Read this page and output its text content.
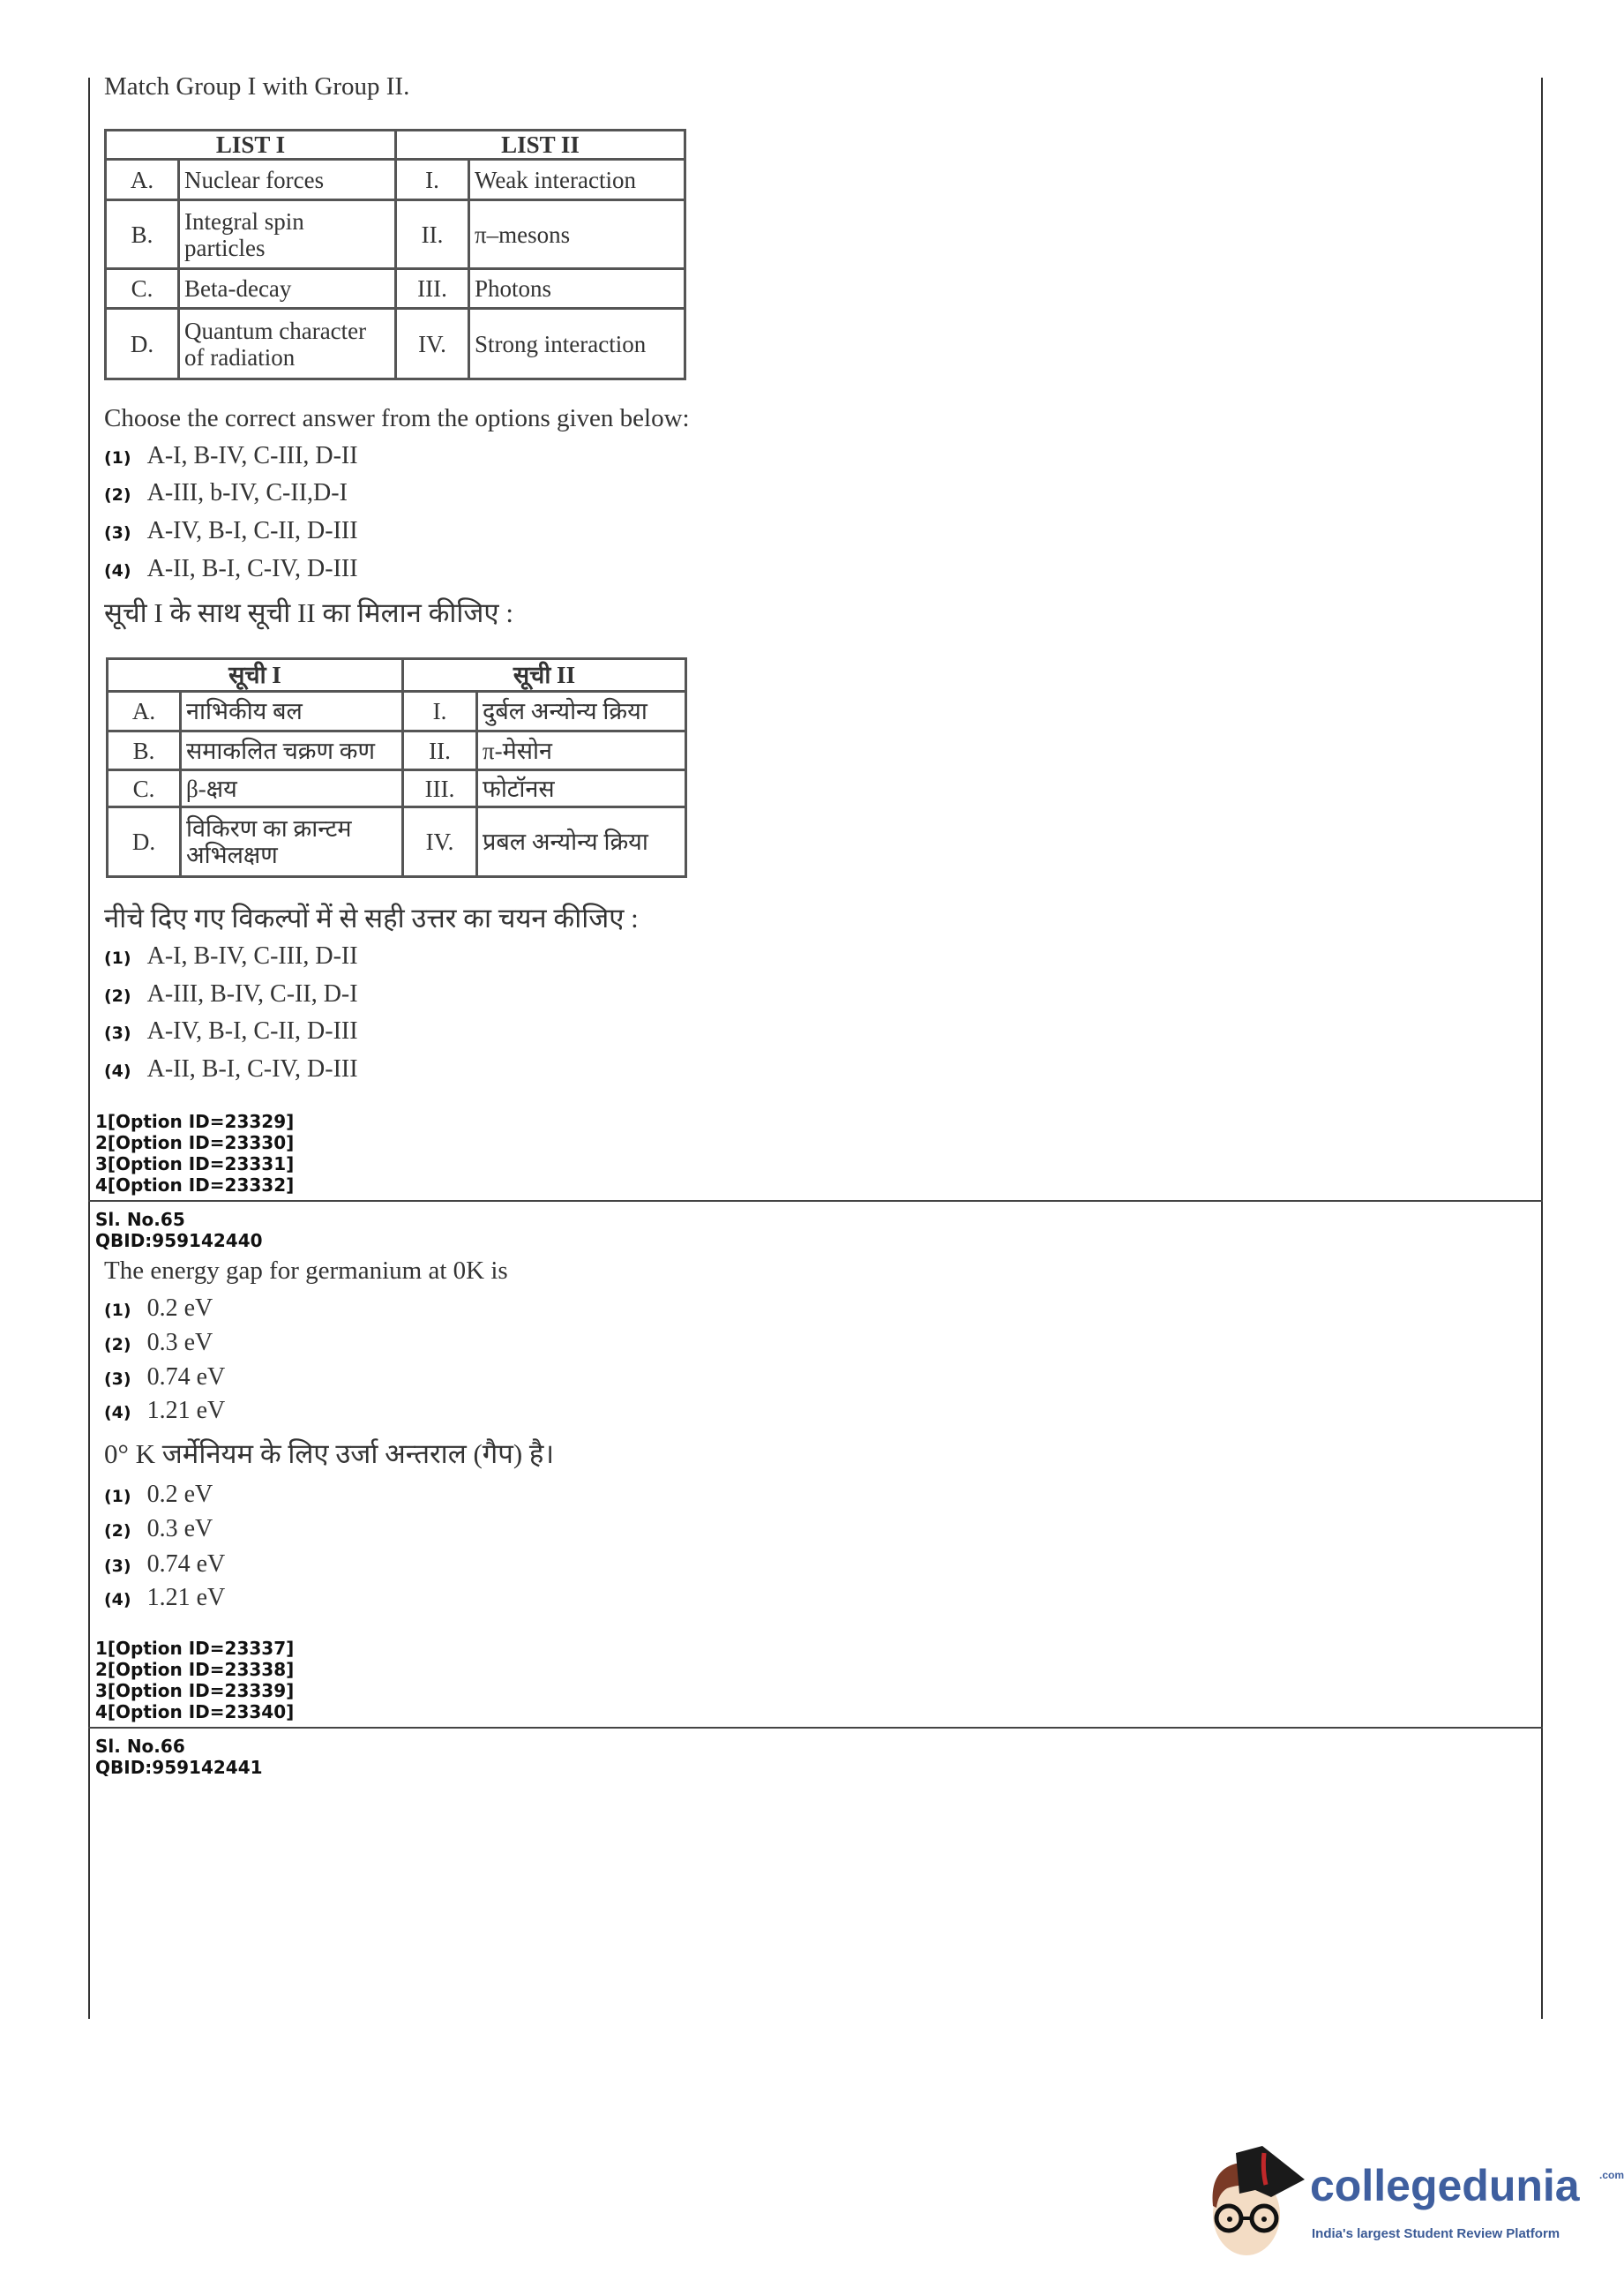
Match Group I with Group II.
LIST I		LIST II	
A.	Nuclear forces	I.	Weak interaction
B.	Integral spin particles	II.	π–mesons
C.	Beta-decay	III.	Photons
D.	Quantum character of radiation	IV.	Strong interaction
Choose the correct answer from the options given below:
(1) A-I, B-IV, C-III, D-II
(2) A-III, b-IV, C-II,D-I
(3) A-IV, B-I, C-II, D-III
(4) A-II, B-I, C-IV, D-III
सूची I के साथ सूची II का मिलान कीजिए :
सूची I		सूची II	
A.	नाभिकीय बल	I.	दुर्बल अन्योन्य क्रिया
B.	समाकलित चक्रण कण	II.	π-मेसोन
C.	β-क्षय	III.	फोटॉनस
D.	विकिरण का क्रान्टम अभिलक्षण	IV.	प्रबल अन्योन्य क्रिया
नीचे दिए गए विकल्पों में से सही उत्तर का चयन कीजिए :
(1) A-I, B-IV, C-III, D-II
(2) A-III, B-IV, C-II, D-I
(3) A-IV, B-I, C-II, D-III
(4) A-II, B-I, C-IV, D-III
1[Option ID=23329]
2[Option ID=23330]
3[Option ID=23331]
4[Option ID=23332]
Sl. No.65
QBID:959142440
The energy gap for germanium at 0K is
(1) 0.2 eV
(2) 0.3 eV
(3) 0.74 eV
(4) 1.21 eV
0° K जर्मेनियम के लिए उर्जा अन्तराल (गैप) है।
(1) 0.2 eV
(2) 0.3 eV
(3) 0.74 eV
(4) 1.21 eV
1[Option ID=23337]
2[Option ID=23338]
3[Option ID=23339]
4[Option ID=23340]
Sl. No.66
QBID:959142441
collegedunia .com
India's largest Student Review Platform
